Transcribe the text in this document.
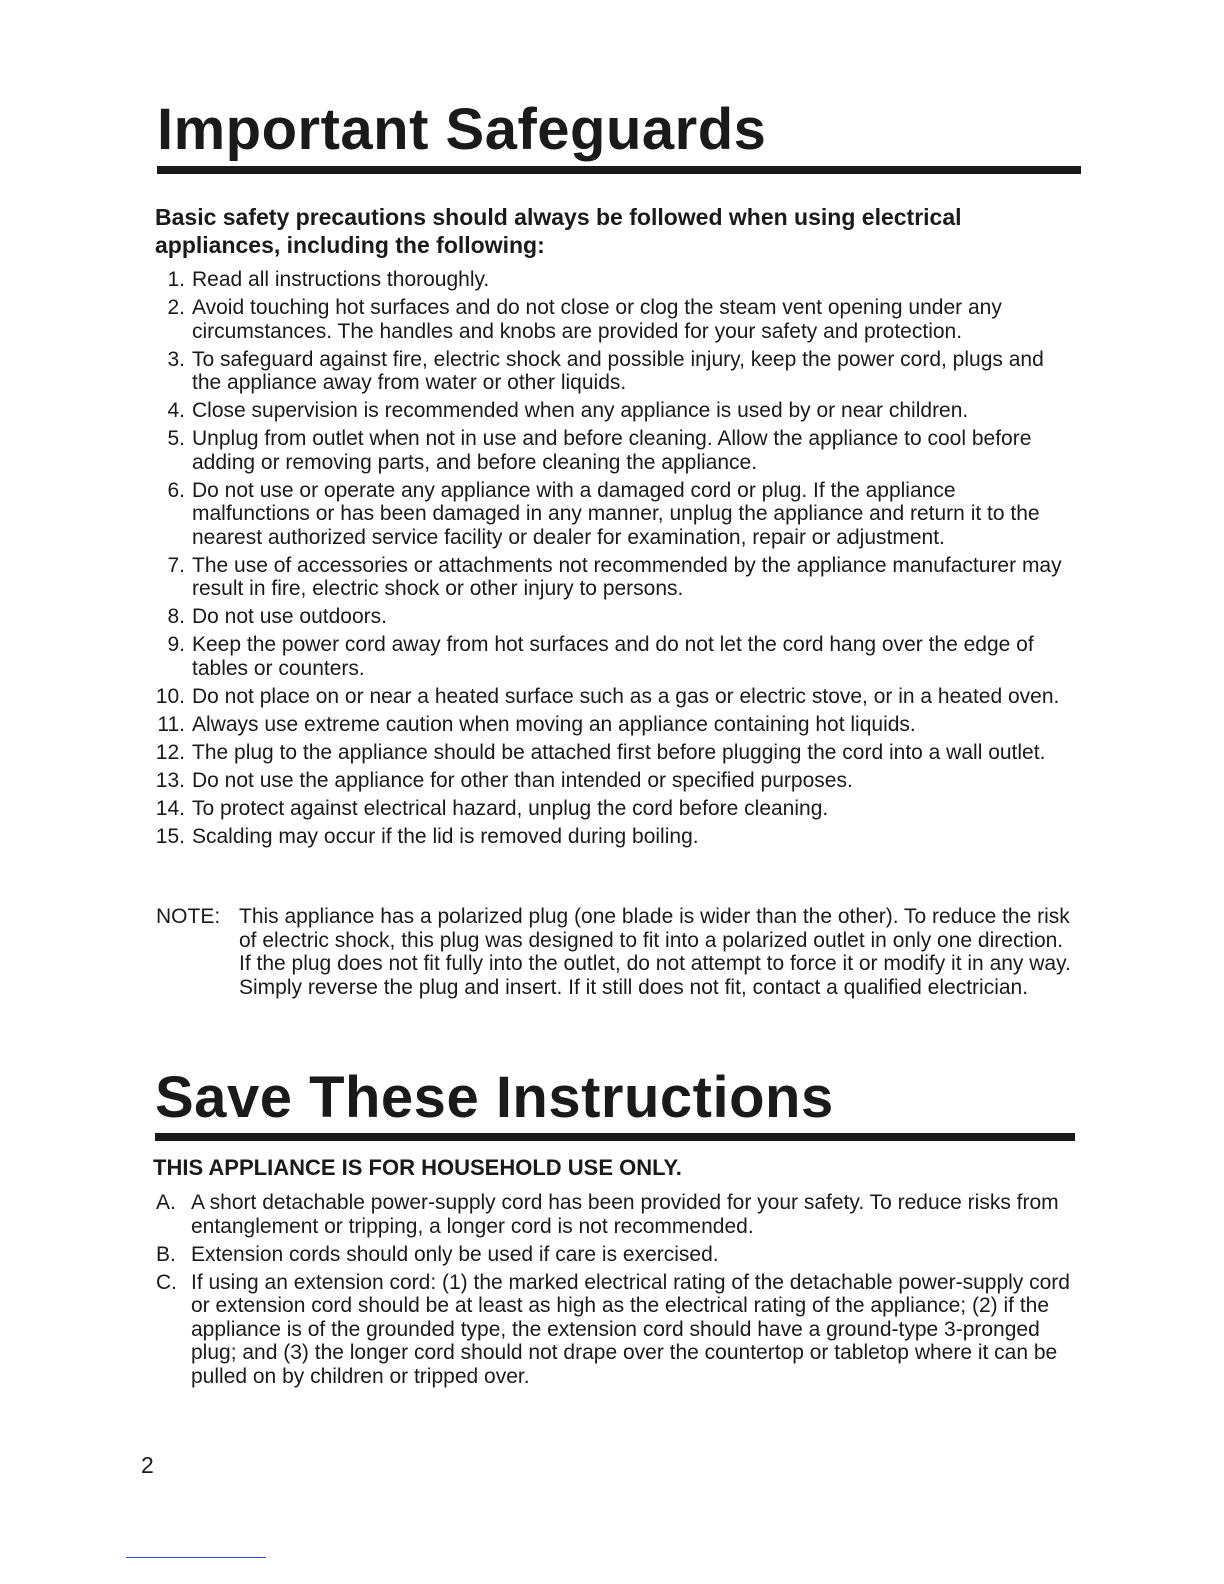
Important Safeguards

Basic safety precautions should always be followed when using electrical appliances, including the following:

1. Read all instructions thoroughly.
2. Avoid touching hot surfaces and do not close or clog the steam vent opening under any circumstances. The handles and knobs are provided for your safety and protection.
3. To safeguard against fire, electric shock and possible injury, keep the power cord, plugs and the appliance away from water or other liquids.
4. Close supervision is recommended when any appliance is used by or near children.
5. Unplug from outlet when not in use and before cleaning. Allow the appliance to cool before adding or removing parts, and before cleaning the appliance.
6. Do not use or operate any appliance with a damaged cord or plug. If the appliance malfunctions or has been damaged in any manner, unplug the appliance and return it to the nearest authorized service facility or dealer for examination, repair or adjustment.
7. The use of accessories or attachments not recommended by the appliance manufacturer may result in fire, electric shock or other injury to persons.
8. Do not use outdoors.
9. Keep the power cord away from hot surfaces and do not let the cord hang over the edge of tables or counters.
10. Do not place on or near a heated surface such as a gas or electric stove, or in a heated oven.
11. Always use extreme caution when moving an appliance containing hot liquids.
12. The plug to the appliance should be attached first before plugging the cord into a wall outlet.
13. Do not use the appliance for other than intended or specified purposes.
14. To protect against electrical hazard, unplug the cord before cleaning.
15. Scalding may occur if the lid is removed during boiling.
NOTE: This appliance has a polarized plug (one blade is wider than the other). To reduce the risk of electric shock, this plug was designed to fit into a polarized outlet in only one direction. If the plug does not fit fully into the outlet, do not attempt to force it or modify it in any way. Simply reverse the plug and insert. If it still does not fit, contact a qualified electrician.
Save These Instructions

THIS APPLIANCE IS FOR HOUSEHOLD USE ONLY.

A. A short detachable power-supply cord has been provided for your safety. To reduce risks from entanglement or tripping, a longer cord is not recommended.
B. Extension cords should only be used if care is exercised.
C. If using an extension cord: (1) the marked electrical rating of the detachable power-supply cord or extension cord should be at least as high as the electrical rating of the appliance; (2) if the appliance is of the grounded type, the extension cord should have a ground-type 3-pronged plug; and (3) the longer cord should not drape over the countertop or tabletop where it can be pulled on by children or tripped over.
2
